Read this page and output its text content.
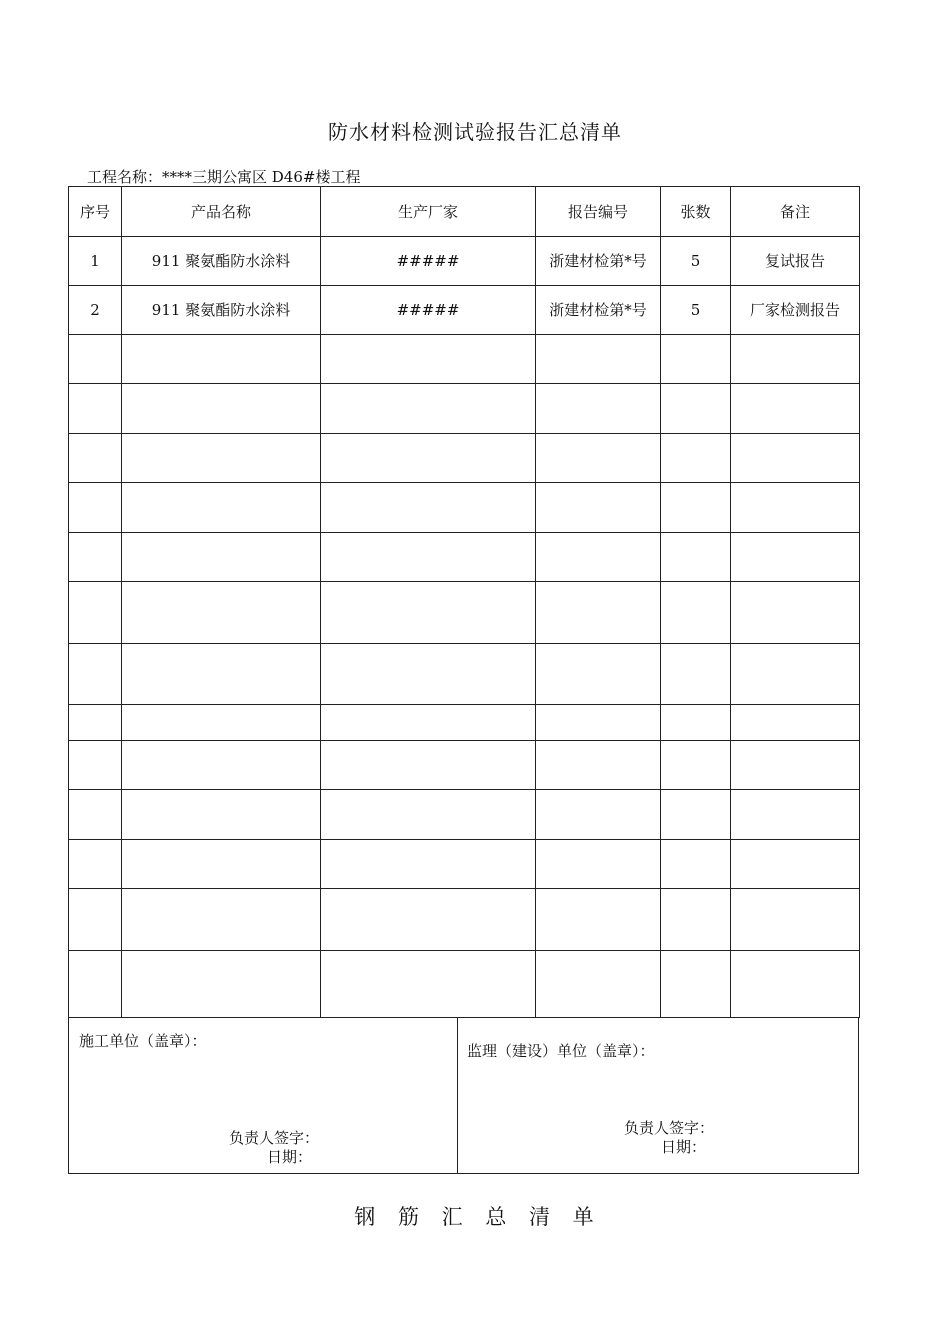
防水材料检测试验报告汇总清单
工程名称：****三期公寓区 D46#楼工程
序号	产品名称	生产厂家	报告编号	张数	备注
1	911 聚氨酯防水涂料	#####	浙建材检第*号	5	复试报告
2	911 聚氨酯防水涂料	#####	浙建材检第*号	5	厂家检测报告

施工单位（盖章）：
监理（建设）单位（盖章）：
负责人签字：
日期：
负责人签字：
日期：
钢 筋 汇 总 清 单
